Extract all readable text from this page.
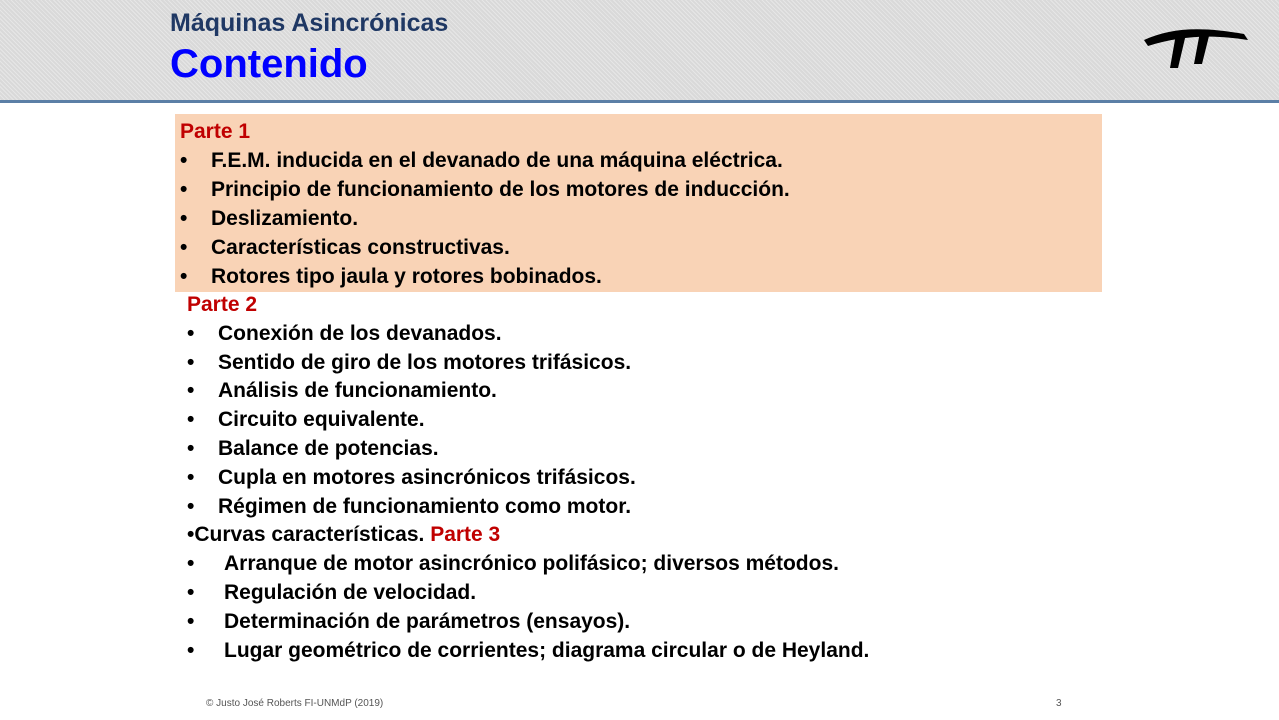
Máquinas Asincrónicas
Contenido
Parte 1
• F.E.M. inducida en el devanado de una máquina eléctrica.
• Principio de funcionamiento de los motores de inducción.
• Deslizamiento.
• Características constructivas.
• Rotores tipo jaula y rotores bobinados.
Parte 2
• Conexión de los devanados.
• Sentido de giro de los motores trifásicos.
• Análisis de funcionamiento.
• Circuito equivalente.
• Balance de potencias.
• Cupla en motores asincrónicos trifásicos.
• Régimen de funcionamiento como motor.
•Curvas características. Parte 3
• Arranque de motor asincrónico polifásico; diversos métodos.
• Regulación de velocidad.
• Determinación de parámetros (ensayos).
• Lugar geométrico de corrientes; diagrama circular o de Heyland.
© Justo José Roberts FI-UNMdP (2019)	3
